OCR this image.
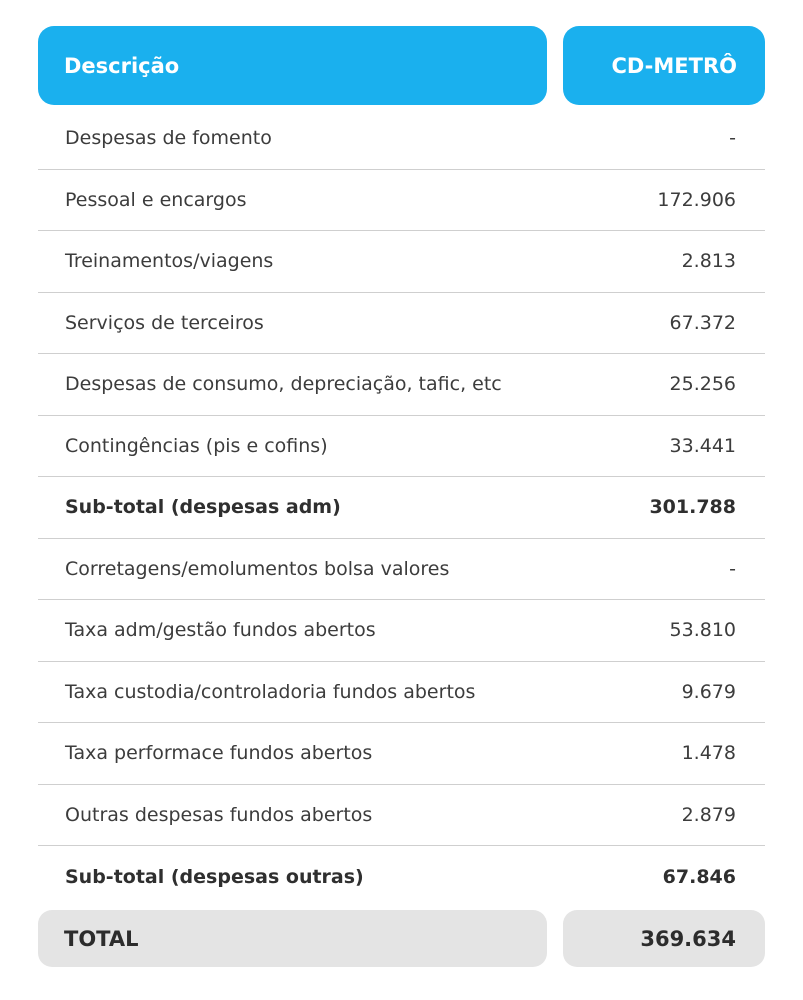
Descrição	CD-METRÔ
Despesas de fomento	-
Pessoal e encargos	172.906
Treinamentos/viagens	2.813
Serviços de terceiros	67.372
Despesas de consumo, depreciação, tafic, etc	25.256
Contingências (pis e cofins)	33.441
Sub-total (despesas adm)	301.788
Corretagens/emolumentos bolsa valores	-
Taxa adm/gestão fundos abertos	53.810
Taxa custodia/controladoria fundos abertos	9.679
Taxa performace fundos abertos	1.478
Outras despesas fundos abertos	2.879
Sub-total (despesas outras)	67.846
TOTAL	369.634
